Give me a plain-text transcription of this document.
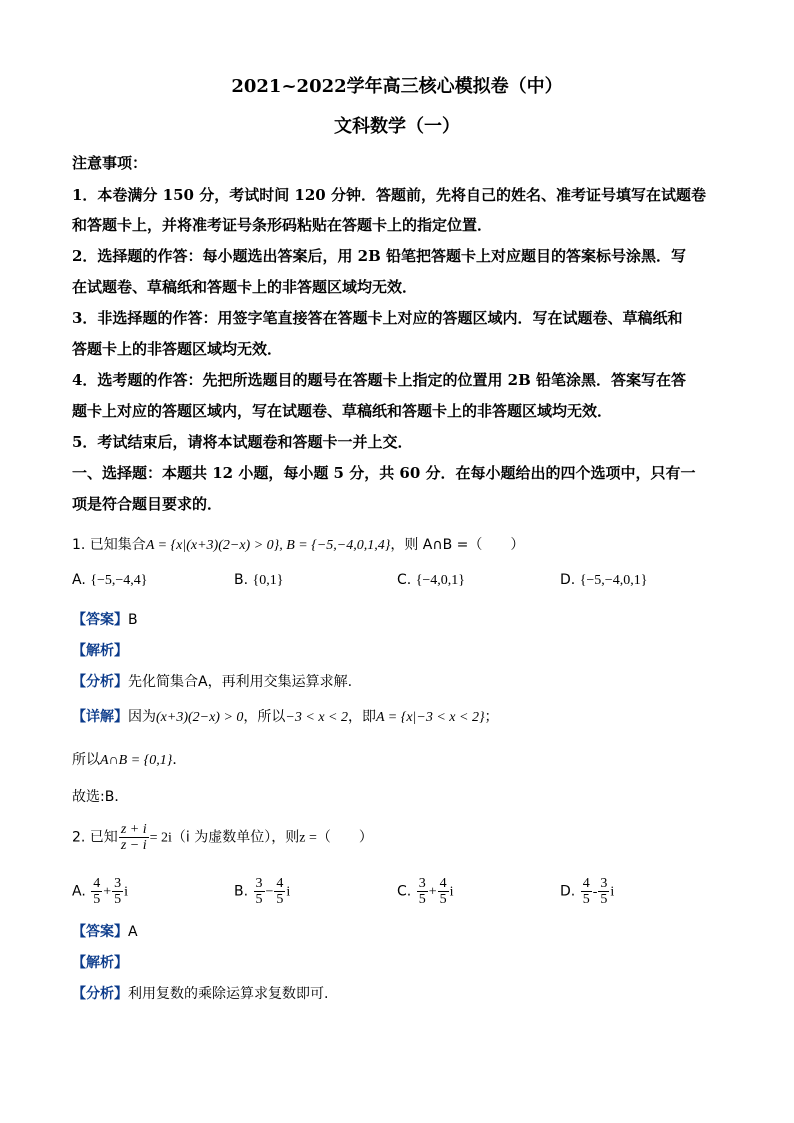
2021~2022学年高三核心模拟卷（中）
文科数学（一）
注意事项：
1．本卷满分 150 分，考试时间 120 分钟．答题前，先将自己的姓名、准考证号填写在试题卷
和答题卡上，并将准考证号条形码粘贴在答题卡上的指定位置．
2．选择题的作答：每小题选出答案后，用 2B 铅笔把答题卡上对应题目的答案标号涂黑．写
在试题卷、草稿纸和答题卡上的非答题区域均无效．
3．非选择题的作答：用签字笔直接答在答题卡上对应的答题区域内．写在试题卷、草稿纸和
答题卡上的非答题区域均无效．
4．选考题的作答：先把所选题目的题号在答题卡上指定的位置用 2B 铅笔涂黑．答案写在答
题卡上对应的答题区域内，写在试题卷、草稿纸和答题卡上的非答题区域均无效．
5．考试结束后，请将本试题卷和答题卡一并上交．
一、选择题：本题共 12 小题，每小题 5 分，共 60 分．在每小题给出的四个选项中，只有一
项是符合题目要求的．
1. 已知集合A = {x|(x+3)(2−x) > 0}, B = {−5,−4,0,1,4}，则 A∩B =（　　）
A. {−5,−4,4}	B. {0,1}	C. {−4,0,1}	D. {−5,−4,0,1}
【答案】B
【解析】
【分析】先化简集合A，再利用交集运算求解.
【详解】因为(x+3)(2−x) > 0，所以−3 < x < 2，即A = {x|−3 < x < 2}；
所以A∩B = {0,1}．
故选:B．
2. 已知 $\frac{z + i}{z - i} = 2i(i$ 为虚数单位），则z =（　　）
A. $\frac{4}{5} + \frac{3}{5}$ i	B. $\frac{3}{5} - \frac{4}{5}$ i	C. $\frac{3}{5} + \frac{4}{5}$ i	D. $\frac{4}{5} - \frac{3}{5}$ i
【答案】A
【解析】
【分析】利用复数的乘除运算求复数即可.
